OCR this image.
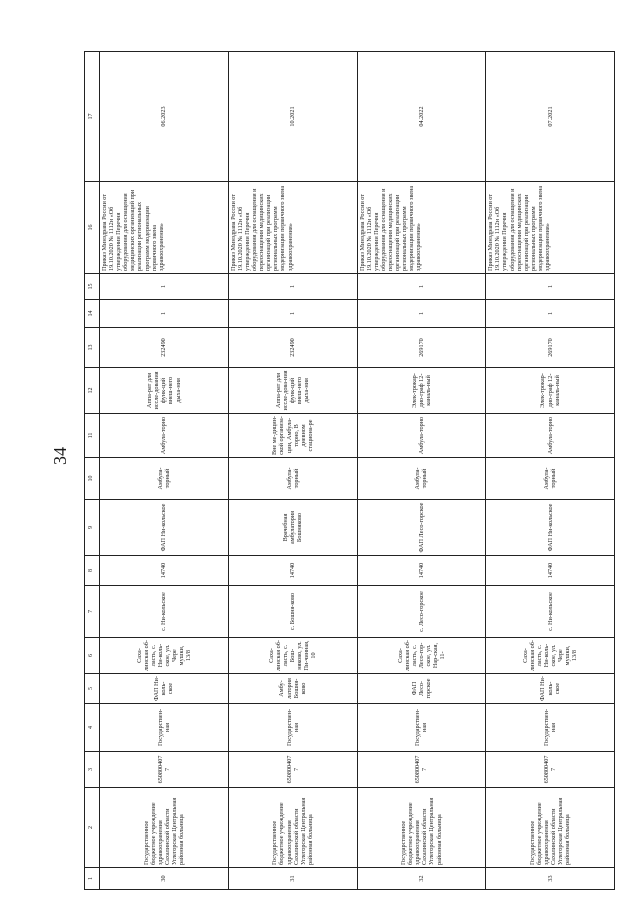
34
1	2	3	4	5	6	7	8	9	10	11	12	13	14	15	16	17
30	Государственное бюджетное учреждение здравоохранения Сахалинской области Углегорская Центральная районная больница	650800407 7	Государствен-ная	ФАП Ни-коль-ское	Саха-линская об-ласть, с. Ни-коль-ское, ул. Чере мушки, 13/8	с. Ни-кольское	14740	ФАП Ни-кольское	Амбула-торный	Амбула-торно	Аппа-рат для иссле-дования функ-ций внеш-него дыха-ния	232490	1	1	Приказ Минздрава России от 19.10.2020 № 1112н «Об утверждении Перечня оборудования для оснащения медицинских организаций при реализации региональных программ модернизации первичного звена здравоохранения»	06.2023
31	Государственное бюджетное учреждение здравоохранения Сахалинской области Углегорская Центральная районная больница	650800407 7	Государствен-ная	Амбу-латория Бошня-ково	Саха-линская об-ласть, с. Бош-няково, ул. Пи-чинная, 10	с. Бошня-ково	14740	Врачебная амбулатория Бошняково	Амбула-торный	Вне ме-дицин-ской организа-ции, Амбула-торно, В дневном стациона-ре	Аппа-рат для иссле-дова-ния функ-ций внеш-него дыха-ния	232490	1	1	Приказ Минздрава России от 19.10.2020 № 1112н «Об утверждении Перечня оборудования для оснащения и переоснащения медицинских организаций при реализации региональных программ модернизации первичного звена здравоохранения»	10.2021
32	Государственное бюджетное учреждение здравоохранения Сахалинской области Углегорская Центральная районная больница	650800407 7	Государствен-ная	ФАП Лесо-горское	Саха-линская об-ласть, с. Лесо-гор-ское, ул. Нар-ская, 11-	с. Лесо-горское	14740	ФАП Лесо-горское	Амбула-торный	Амбула-торно	Элек-трокар-дио-граф 12-каналь-ный	269170	1	1	Приказ Минздрава России от 19.10.2020 № 1112н «Об утверждении Перечня оборудования для оснащения и переоснащения медицинских организаций при реализации региональных программ модернизации первичного звена здравоохранения»	04.2022
33	Государственное бюджетное учреждение здравоохранения Сахалинской области Углегорская Центральная районная больница	650800407 7	Государствен-ная	ФАП Ни-коль-ское	Саха-линская об-ласть, с. Ни-коль-ское, ул. Чере мушки, 13/8	с. Ни-кольское	14740	ФАП Ни-кольское	Амбула-торный	Амбула-торно	Элек-трокар-дио-граф 12-каналь-ный	269170	1	1	Приказ Минздрава России от 19.10.2020 № 1112н «Об утверждении Перечня оборудования для оснащения и переоснащения медицинских организаций при реализации региональных программ модернизации первичного звена здравоохранения»	07.2021
